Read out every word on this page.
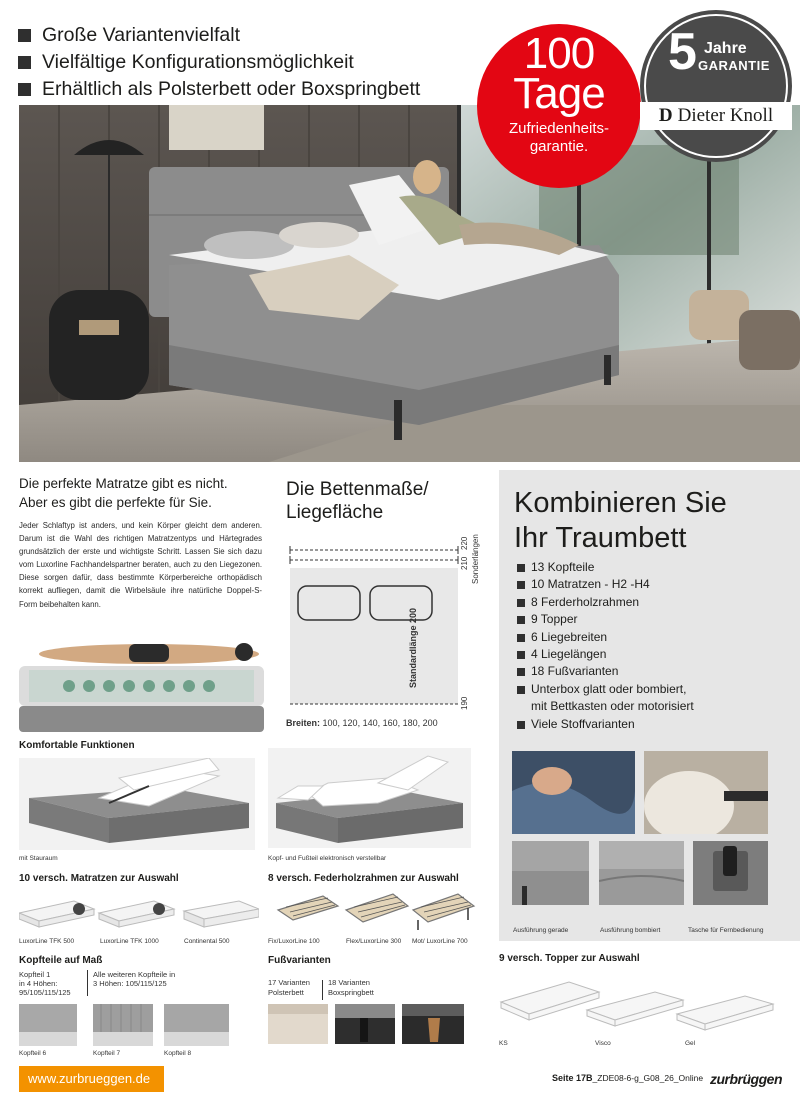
Große Variantenvielfalt
Vielfältige Konfigurationsmöglichkeit
Erhältlich als Polsterbett oder Boxspringbett
100
Tage
Zufriedenheits-
garantie.
5 Jahre
GARANTIE
D Dieter Knoll
Die perfekte Matratze gibt es nicht.
Aber es gibt die perfekte für Sie.

Jeder Schlaftyp ist anders, und kein Körper gleicht dem anderen. Darum ist die Wahl des richtigen Matratzentyps und Härtegrades grundsätzlich der erste und wichtigste Schritt. Lassen Sie sich dazu vom Luxorline Fachhandelspartner beraten, auch zu den Liegezonen. Diese sorgen dafür, dass bestimmte Körperbereiche orthopädisch korrekt aufliegen, damit die Wirbelsäule ihre natürliche Doppel-S-Form beibehalten kann.

Die Bettenmaße/
Liegefläche
210
220 Sonderlängen
Standardlänge 200
190
Breiten: 100, 120, 140, 160, 180, 200
Kombinieren Sie
Ihr Traumbett
13 Kopfteile
10 Matratzen - H2 -H4
8 Ferderholzrahmen
9 Topper
6 Liegebreiten
4 Liegelängen
18 Fußvarianten
Unterbox glatt oder bombiert,
mit Bettkasten oder motorisiert
Viele Stoffvarianten
Ausführung gerade	Ausführung bombiert	Tasche für Fernbedienung
Komfortable Funktionen
mit Stauraum	Kopf- und Fußteil elektronisch verstellbar
10 versch. Matratzen zur Auswahl
LuxorLine TFK 500	LuxorLine TFK 1000	Continental 500
8 versch. Federholzrahmen zur Auswahl
Fix/LuxorLine 100	Flex/LuxorLine 300 Mot/ LuxorLine 700
Kopfteile auf Maß
Kopfteil 1
in 4 Höhen:
95/105/115/125
Alle weiteren Kopfteile in
3 Höhen: 105/115/125
Kopfteil 6	Kopfteil 7	Kopfteil 8
Fußvarianten
17 Varianten
Polsterbett
18 Varianten
Boxspringbett
9 versch. Topper zur Auswahl
KS	Visco	Gel
www.zurbrueggen.de	Seite 17B_ZDE08-6-g_G08_26_Online zurbrüggen
